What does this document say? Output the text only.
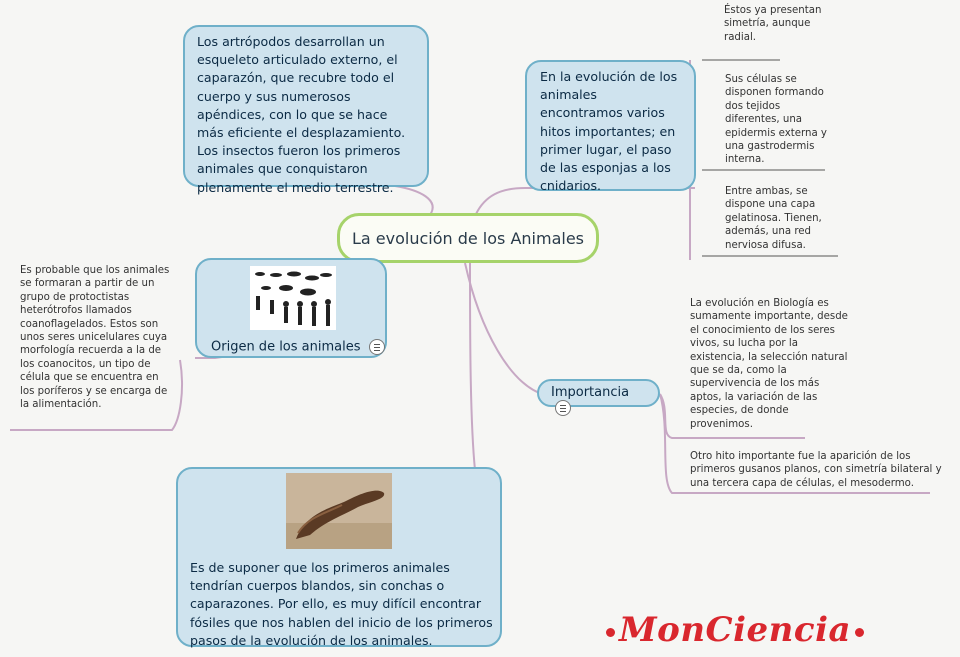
La evolución de los Animales
Los artrópodos desarrollan un esqueleto articulado externo, el caparazón, que recubre todo el cuerpo y sus numerosos apéndices, con lo que se hace más eficiente el desplazamiento. Los insectos fueron los primeros animales que conquistaron plenamente el medio terrestre.
En la evolución de los animales encontramos varios hitos importantes; en primer lugar, el paso de las esponjas a los cnidarios.
Éstos ya presentan simetría, aunque radial.
Sus células se disponen formando dos tejidos diferentes, una epidermis externa y una gastrodermis interna.
Entre ambas, se dispone una capa gelatinosa. Tienen, además, una red nerviosa difusa.
Origen de los animales
Es probable que los animales se formaran a partir de un grupo de protoctistas heterótrofos llamados coanoflagelados. Estos son unos seres unicelulares cuya morfología recuerda a la de los coanocitos, un tipo de célula que se encuentra en los poríferos y se encarga de la alimentación.
Importancia
La evolución en Biología es sumamente importante, desde el conocimiento de los seres vivos, su lucha por la existencia, la selección natural que se da, como la supervivencia de los más aptos, la variación de las especies, de donde provenimos.
Otro hito importante fue la aparición de los primeros gusanos planos, con simetría bilateral y una tercera capa de células, el mesodermo.
Es de suponer que los primeros animales tendrían cuerpos blandos, sin conchas o caparazones. Por ello, es muy difícil encontrar fósiles que nos hablen del inicio de los primeros pasos de la evolución de los animales.	MonCiencia
